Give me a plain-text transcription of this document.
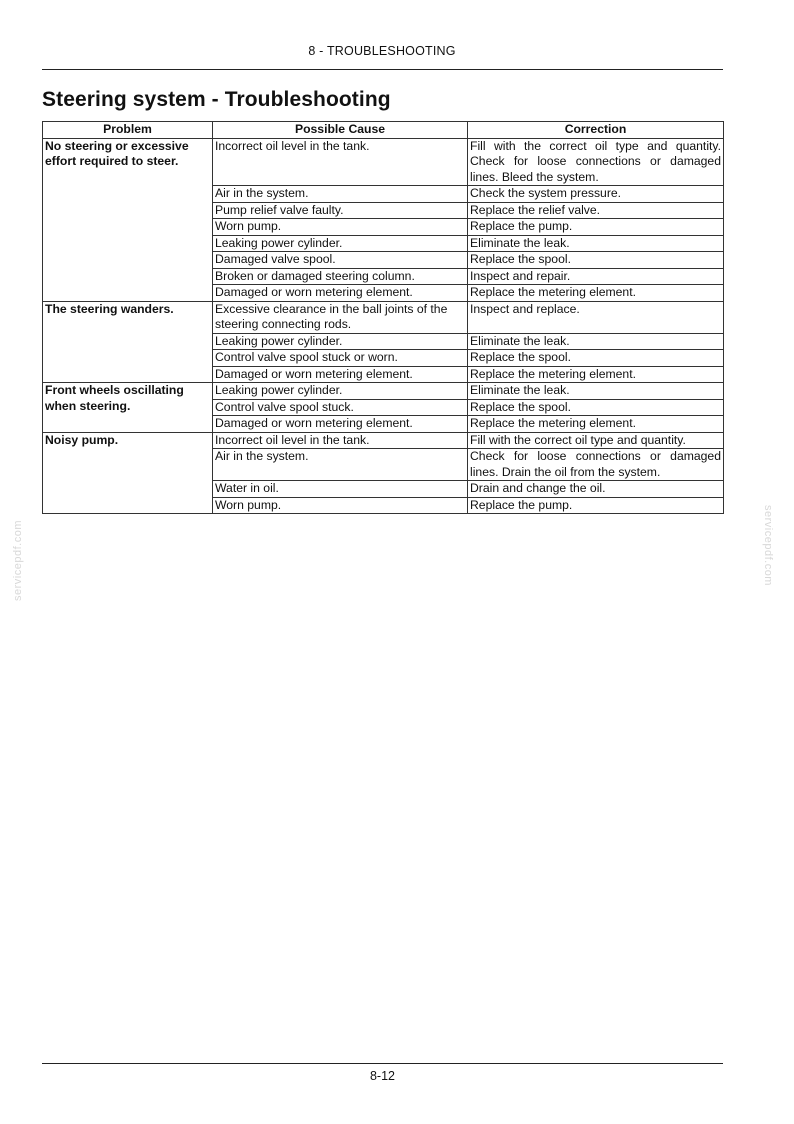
8 - TROUBLESHOOTING
Steering system - Troubleshooting
Problem	Possible Cause	Correction
No steering or excessive effort required to steer.	Incorrect oil level in the tank.	Fill with the correct oil type and quantity. Check for loose connections or damaged lines. Bleed the system.
	Air in the system.	Check the system pressure.
	Pump relief valve faulty.	Replace the relief valve.
	Worn pump.	Replace the pump.
	Leaking power cylinder.	Eliminate the leak.
	Damaged valve spool.	Replace the spool.
	Broken or damaged steering column.	Inspect and repair.
	Damaged or worn metering element.	Replace the metering element.
The steering wanders.	Excessive clearance in the ball joints of the steering connecting rods.	Inspect and replace.
	Leaking power cylinder.	Eliminate the leak.
	Control valve spool stuck or worn.	Replace the spool.
	Damaged or worn metering element.	Replace the metering element.
Front wheels oscillating when steering.	Leaking power cylinder.	Eliminate the leak.
	Control valve spool stuck.	Replace the spool.
	Damaged or worn metering element.	Replace the metering element.
Noisy pump.	Incorrect oil level in the tank.	Fill with the correct oil type and quantity.
	Air in the system.	Check for loose connections or damaged lines. Drain the oil from the system.
	Water in oil.	Drain and change the oil.
	Worn pump.	Replace the pump.
servicepdf.com	servicepdf.com
8-12
